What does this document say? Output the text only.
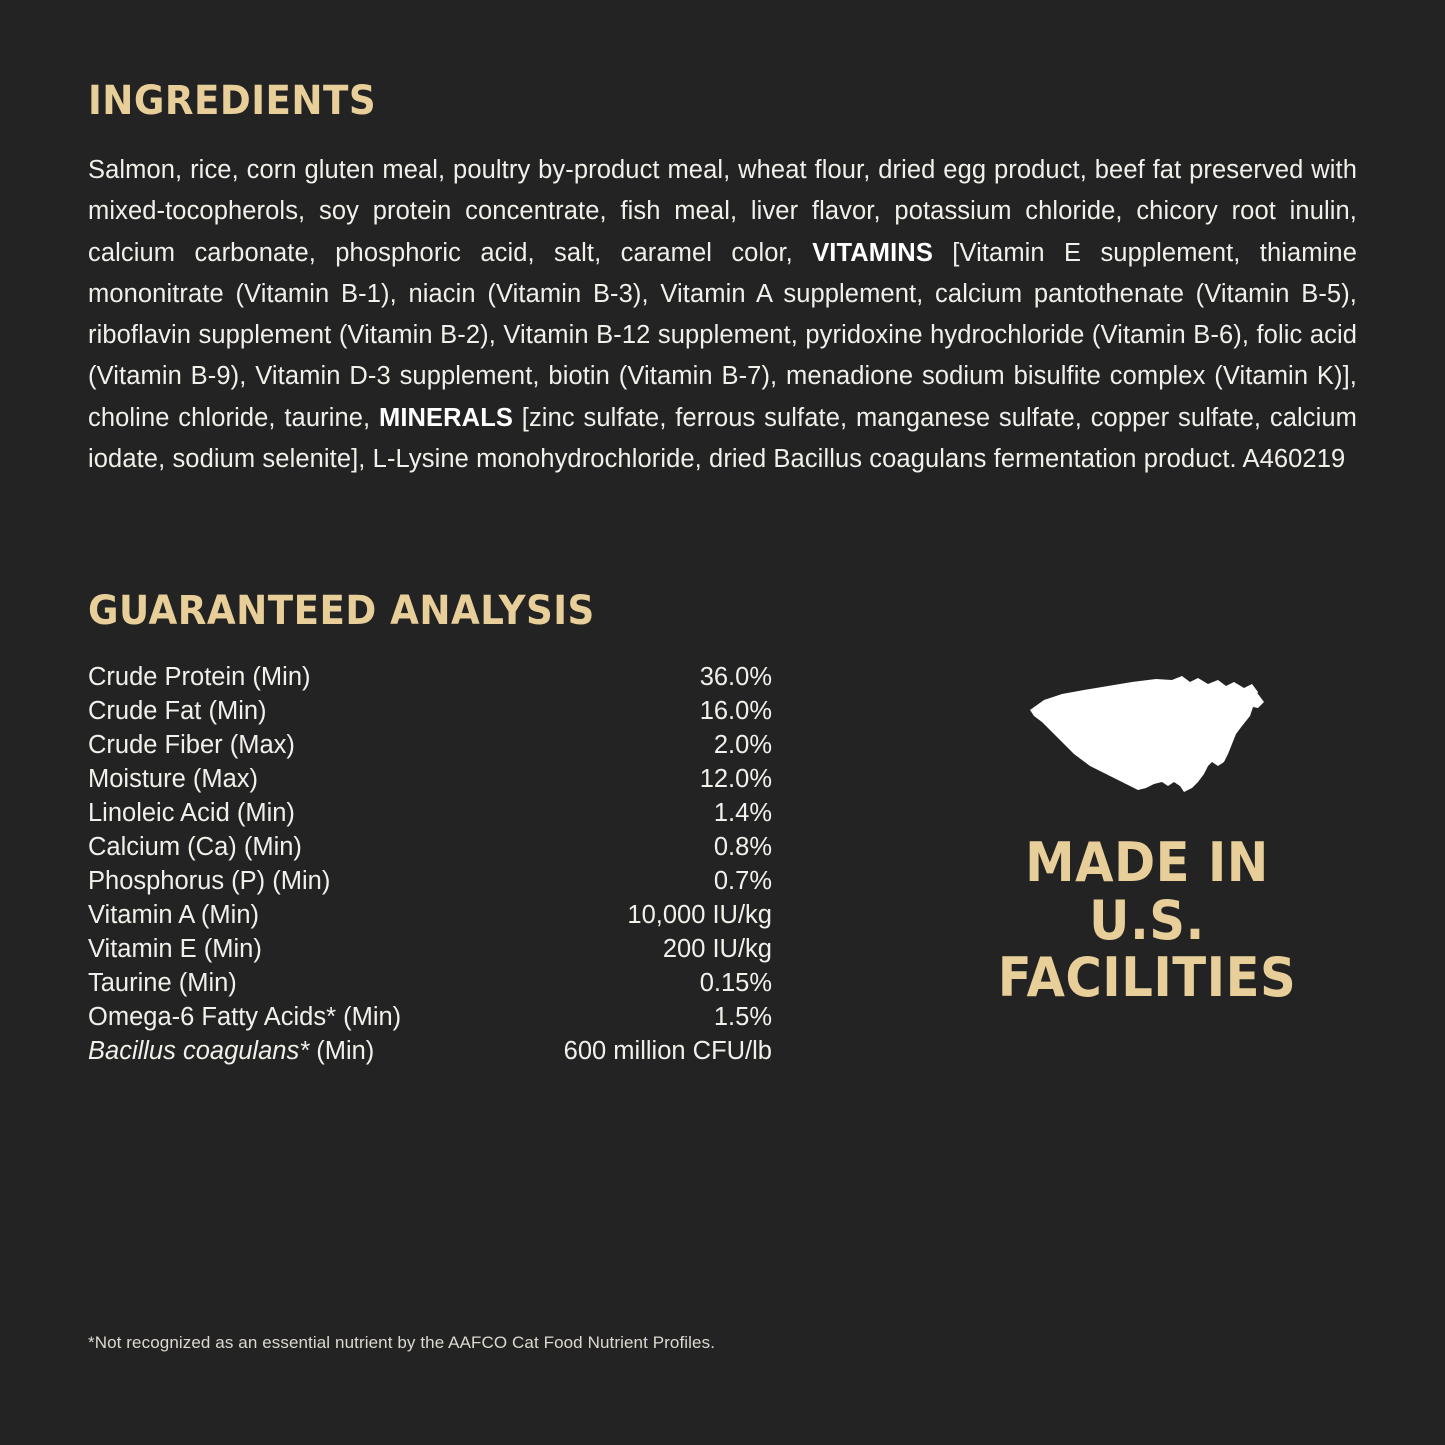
INGREDIENTS

Salmon, rice, corn gluten meal, poultry by-product meal, wheat flour, dried egg product, beef fat preserved with mixed-tocopherols, soy protein concentrate, fish meal, liver flavor, potassium chloride, chicory root inulin, calcium carbonate, phosphoric acid, salt, caramel color, VITAMINS [Vitamin E supplement, thiamine mononitrate (Vitamin B-1), niacin (Vitamin B-3), Vitamin A supplement, calcium pantothenate (Vitamin B-5), riboflavin supplement (Vitamin B-2), Vitamin B-12 supplement, pyridoxine hydrochloride (Vitamin B-6), folic acid (Vitamin B-9), Vitamin D-3 supplement, biotin (Vitamin B-7), menadione sodium bisulfite complex (Vitamin K)], choline chloride, taurine, MINERALS [zinc sulfate, ferrous sulfate, manganese sulfate, copper sulfate, calcium iodate, sodium selenite], L-Lysine monohydrochloride, dried Bacillus coagulans fermentation product. A460219

GUARANTEED ANALYSIS
Crude Protein (Min)	36.0%
Crude Fat (Min)	16.0%
Crude Fiber (Max)	2.0%
Moisture (Max)	12.0%
Linoleic Acid (Min)	1.4%
Calcium (Ca) (Min)	0.8%
Phosphorus (P) (Min)	0.7%
Vitamin A (Min)	10,000 IU/kg
Vitamin E (Min)	200 IU/kg
Taurine (Min)	0.15%
Omega-6 Fatty Acids* (Min)	1.5%
Bacillus coagulans* (Min)	600 million CFU/lb
MADE IN
U.S.
FACILITIES
*Not recognized as an essential nutrient by the AAFCO Cat Food Nutrient Profiles.
